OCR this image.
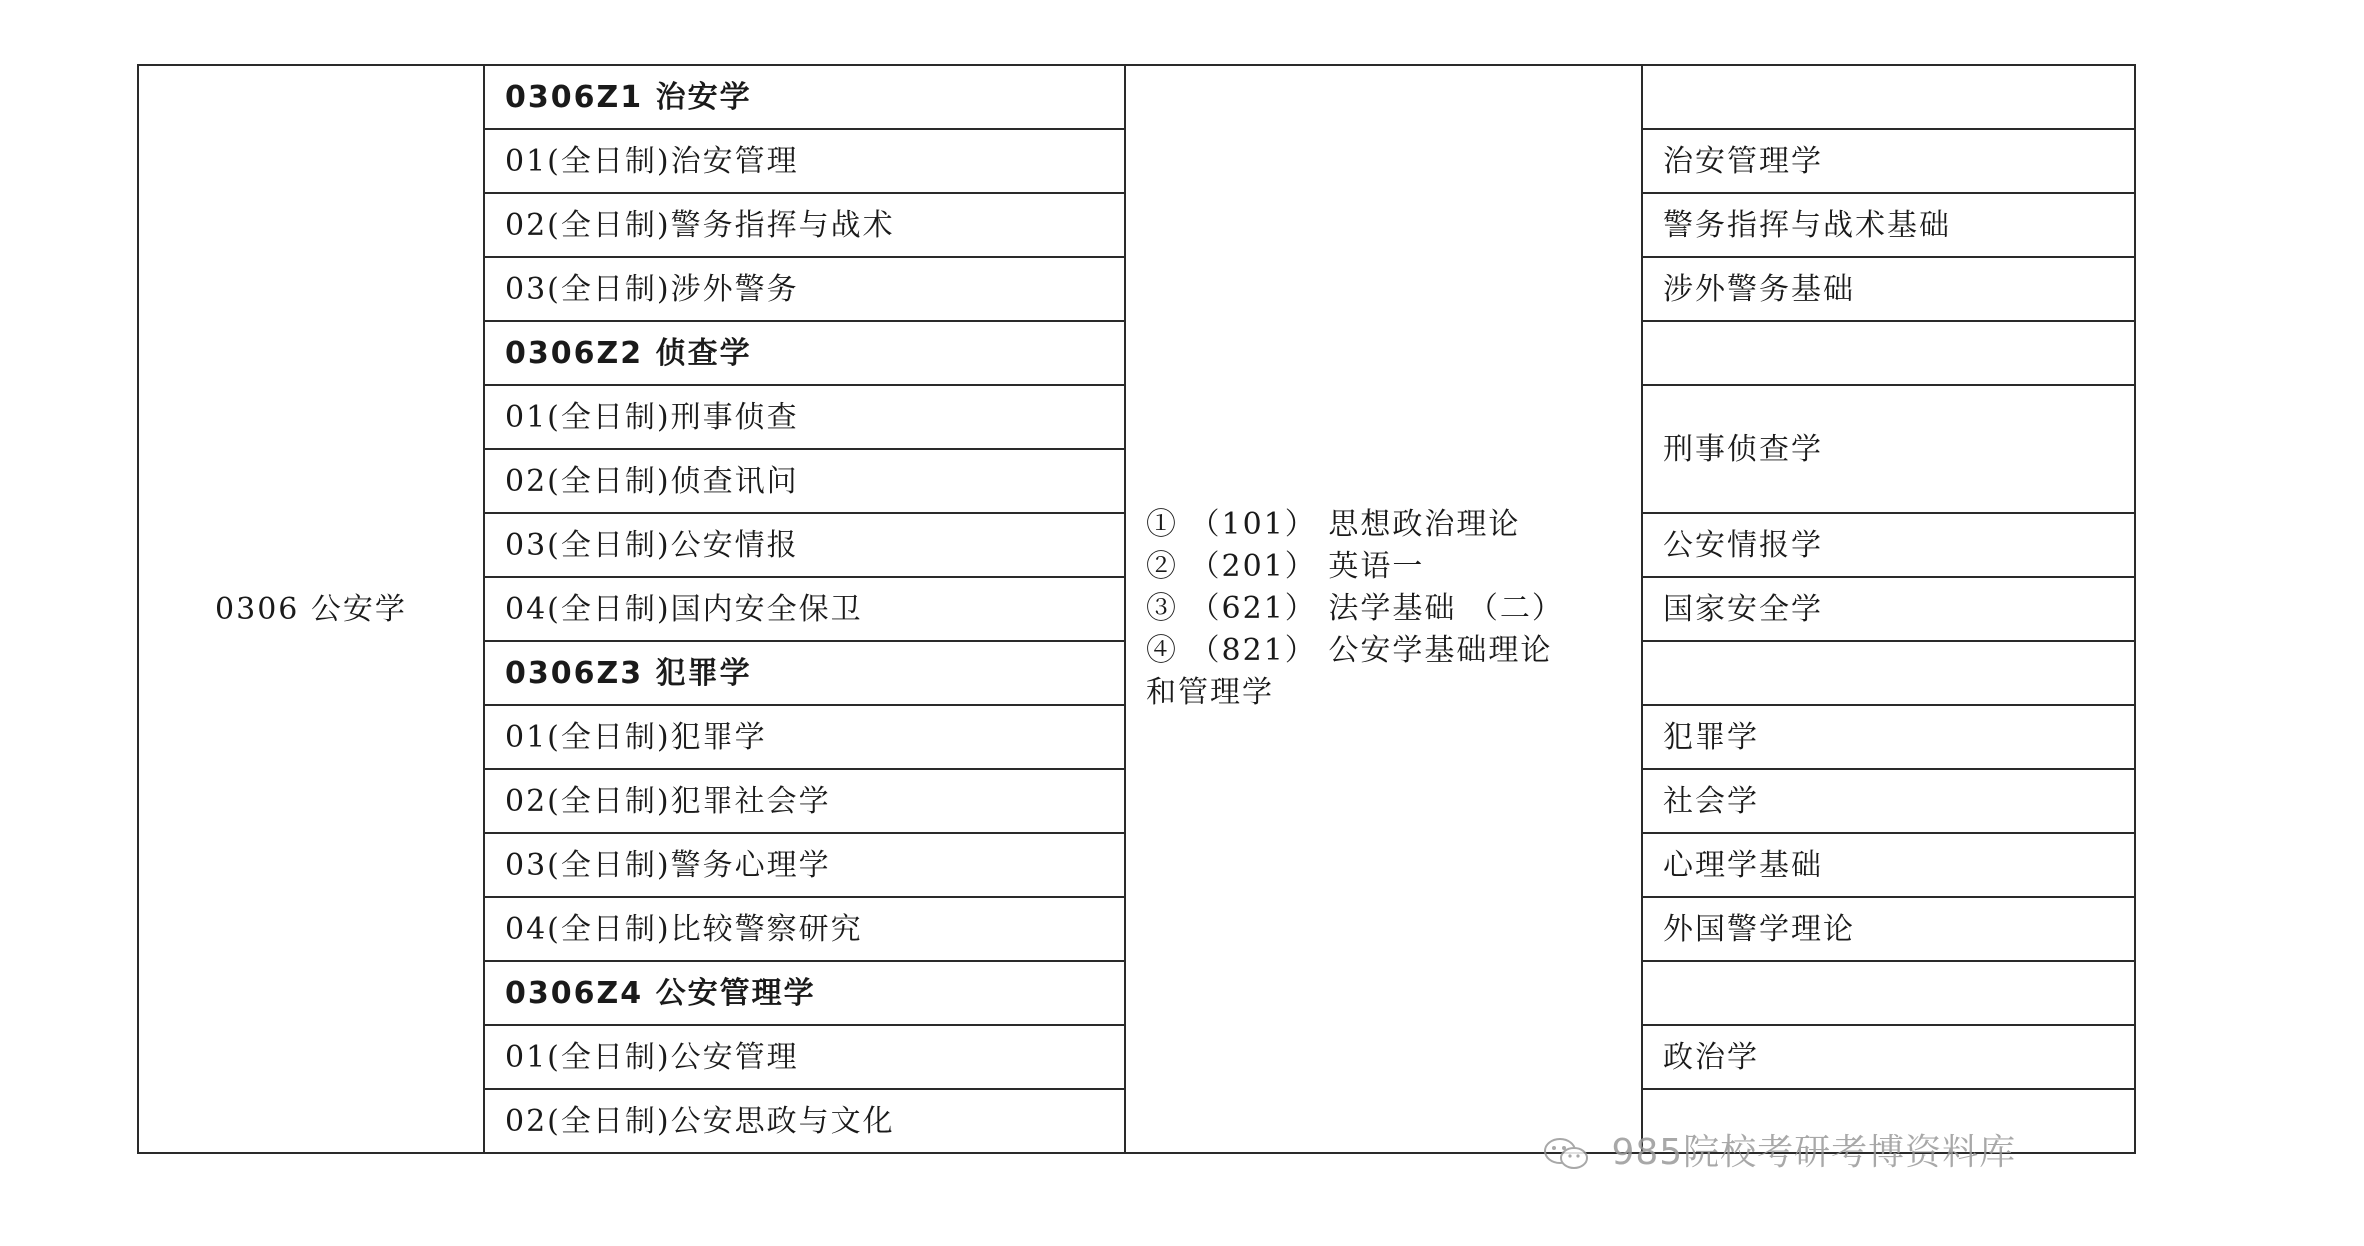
0306 公安学	0306Z1 治安学	① （101） 思想政治理论
② （201） 英语一
③ （621） 法学基础 （二）
④ （821） 公安学基础理论
和管理学	

	01(全日制)治安管理		治安管理学
	02(全日制)警务指挥与战术		警务指挥与战术基础
	03(全日制)涉外警务		涉外警务基础
	0306Z2 侦查学		
	01(全日制)刑事侦查		刑事侦查学
	02(全日制)侦查讯问		
	03(全日制)公安情报		公安情报学
	04(全日制)国内安全保卫		国家安全学
	0306Z3 犯罪学		
	01(全日制)犯罪学		犯罪学
	02(全日制)犯罪社会学		社会学
	03(全日制)警务心理学		心理学基础
	04(全日制)比较警察研究		外国警学理论
	0306Z4 公安管理学		
	01(全日制)公安管理		政治学
	02(全日制)公安思政与文化		
985院校考研考博资料库
